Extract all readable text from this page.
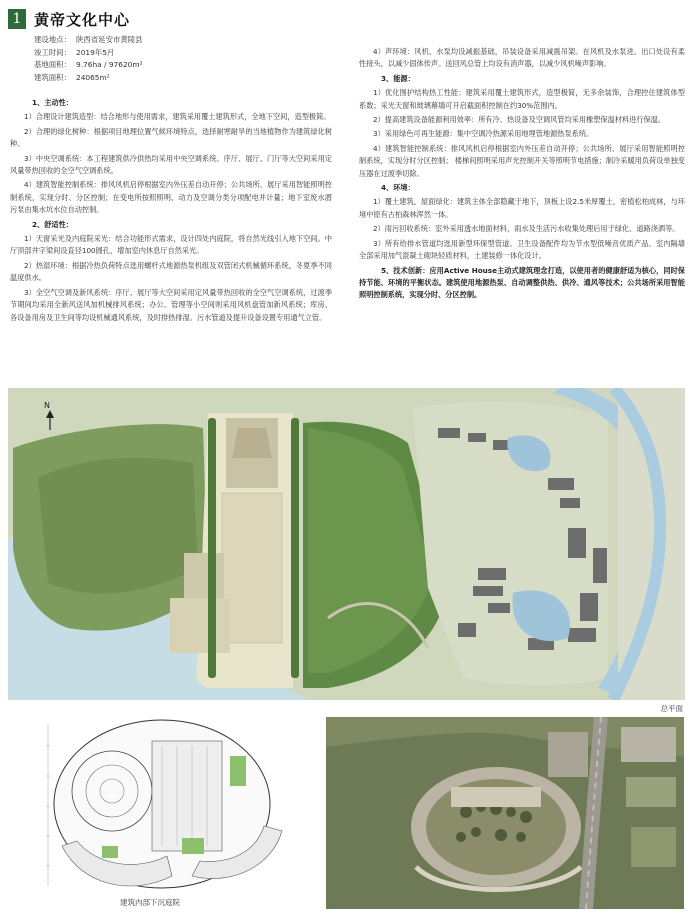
1 黄帝文化中心
建设地点： 陕西省延安市黄陵县
竣工时间： 2019年5月
基地面积： 9.76ha / 97620m²
建筑面积： 24065m²

1、主动性：

1）合理设计建筑造型：结合地形与使用需求，建筑采用覆土建筑形式，全地下空间，造型极简。

2）合理的绿化树种：根据项目地理位置气候环境特点，选择耐寒耐旱的当地植物作为建筑绿化树种。

3）中央空调系统：本工程建筑供冷供热均采用中央空调系统。序厅、展厅、门厅等大空间采用定风量带热回收的全空气空调系统。

4）建筑智能控制系统：排风风机启停根据室内外压差自动开停；公共场所、展厅采用智能照明控制系统，实现分时、分区控制；在变电所按照照明、动力及空调分类分项配电并计量；地下室废水潜污泵由集水坑水位自动控制。

2、舒适性：

1）天窗采光及内庭院采光：结合功能形式需求，设计四处内庭院，将自然光线引入地下空间。中厅顶部井字梁间设直径100圆孔，增加室内休息厅自然采光。

2）热湿环境：根据冷热负荷特点选用螺杆式地源热泵机组及双管闭式机械循环系统，冬夏季不同温度供水。

3）全空气空调及新风系统：序厅、展厅等大空间采用定风量带热回收的全空气空调系统，过渡季节期间均采用全新风送风加机械排风系统；办公、管理等小空间则采用风机盘管加新风系统；库房、各设备用房及卫生间等均设机械通风系统，及时排热排湿。污水管道及提升设备设置专用通气立管。

4）声环境：风机、水泵均设减振基础，吊装设备采用减震吊架。在风机及水泵进、出口处设有柔性接头，以减少固体传声。送回风总管上均设有消声器，以减少风机噪声影响。

3、能源：

1）优化围护结构热工性能：建筑采用覆土建筑形式，造型极简，无多余装饰，合理控住建筑体型系数；采光天窗和玻璃幕墙可开启截面积控制在约30%范围内。

2）提高建筑设备能源利用效率：所有冷、热设备及空调风管均采用橡塑保温材料进行保温。

3）采用绿色可再生能源：集中空调冷热源采用地埋管地源热泵系统。

4）建筑智能控制系统：排风风机启停根据室内外压差自动开停；公共场所、展厅采用智能照明控制系统，实现分时分区控制； 楼梯间照明采用声光控制开关等照明节电措施；制冷采暖用负荷设单独变压器在过渡季切除。

4、环境：

1）覆土建筑，屋面绿化：建筑主体全部隐藏于地下，顶板上设2.5米厚覆土，密植松柏成林，与环境中原有古柏森林浑然一体。

2）雨污回收系统：室外采用透水地面材料，雨水及生活污水收集处理后用于绿化、道路浇洒等。

3）所有给排水管道均选用新型环保型管道。卫生设备配件均为节水型低噪音优质产品。室内隔墙全部采用加气混凝土砌块轻质材料，土建装修一体化设计。

5、技术创新：应用Active House主动式建筑理念打造，以使用者的健康舒适为核心，同时保持节能、环境的平衡状态。建筑使用地源热泵、自动调整供热、供冷、通风等技术；公共场所采用智能照明控制系统，实现分时、分区控制。

N
总平面
建筑内部下沉庭院
